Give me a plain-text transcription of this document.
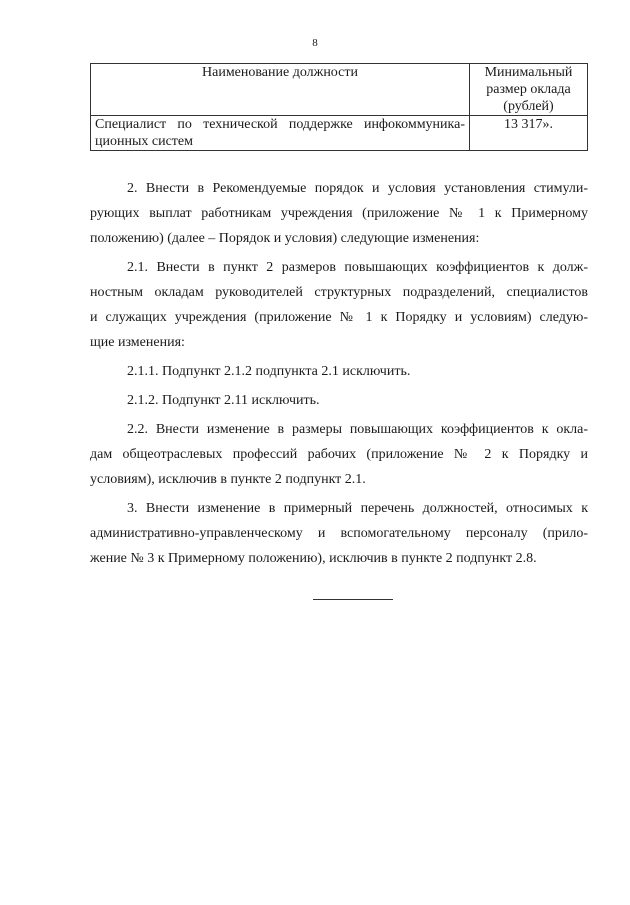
8
Наименование должности	Минимальный
размер оклада
(рублей)

Специалист по технической поддержке инфокоммуника-
ционных систем	13 317».

2. Внести в Рекомендуемые порядок и условия установления стимули-
рующих выплат работникам учреждения (приложение № 1 к Примерному
положению) (далее – Порядок и условия) следующие изменения:

2.1. Внести в пункт 2 размеров повышающих коэффициентов к долж-
ностным окладам руководителей структурных подразделений, специалистов
и служащих учреждения (приложение № 1 к Порядку и условиям) следую-
щие изменения:

2.1.1. Подпункт 2.1.2 подпункта 2.1 исключить.

2.1.2. Подпункт 2.11 исключить.

2.2. Внести изменение в размеры повышающих коэффициентов к окла-
дам общеотраслевых профессий рабочих (приложение № 2 к Порядку и
условиям), исключив в пункте 2 подпункт 2.1.

3. Внести изменение в примерный перечень должностей, относимых к
административно-управленческому и вспомогательному персоналу (прило-
жение № 3 к Примерному положению), исключив в пункте 2 подпункт 2.8.
